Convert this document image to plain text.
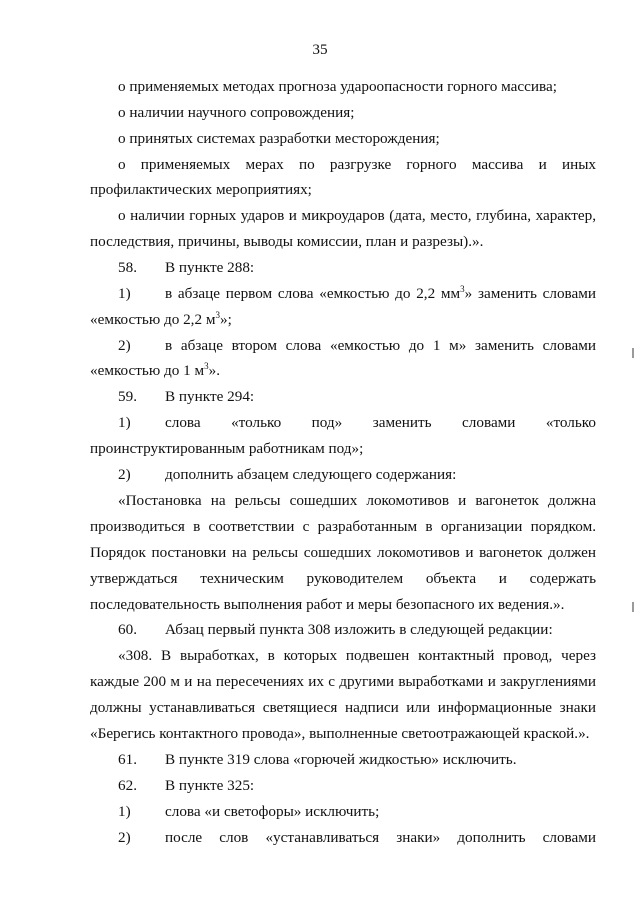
35
о применяемых методах прогноза удароопасности горного массива;
о наличии научного сопровождения;
о принятых системах разработки месторождения;
о применяемых мерах по разгрузке горного массива и иных
профилактических мероприятиях;
о наличии горных ударов и микроударов (дата, место, глубина, характер,
последствия, причины, выводы комиссии, план и разрезы).».
58. В пункте 288:
1) в абзаце первом слова «емкостью до 2,2 $мм^3$» заменить словами
«емкостью до 2,2 $м^3$»;
2) в абзаце втором слова «емкостью до 1 м» заменить словами
«емкостью до 1 $м^3$».
59. В пункте 294:
1) слова «только под» заменить словами «только
проинструктированным работникам под»;
2) дополнить абзацем следующего содержания:
«Постановка на рельсы сошедших локомотивов и вагонеток должна
производиться в соответствии с разработанным в организации порядком.
Порядок постановки на рельсы сошедших локомотивов и вагонеток должен
утверждаться техническим руководителем объекта и содержать
последовательность выполнения работ и меры безопасного их ведения.».
60. Абзац первый пункта 308 изложить в следующей редакции:
«308. В выработках, в которых подвешен контактный провод, через
каждые 200 м и на пересечениях их с другими выработками и закруглениями
должны устанавливаться светящиеся надписи или информационные знаки
«Берегись контактного провода», выполненные светоотражающей краской.».
61. В пункте 319 слова «горючей жидкостью» исключить.
62. В пункте 325:
1) слова «и светофоры» исключить;
2) после слов «устанавливаться знаки» дополнить словами
